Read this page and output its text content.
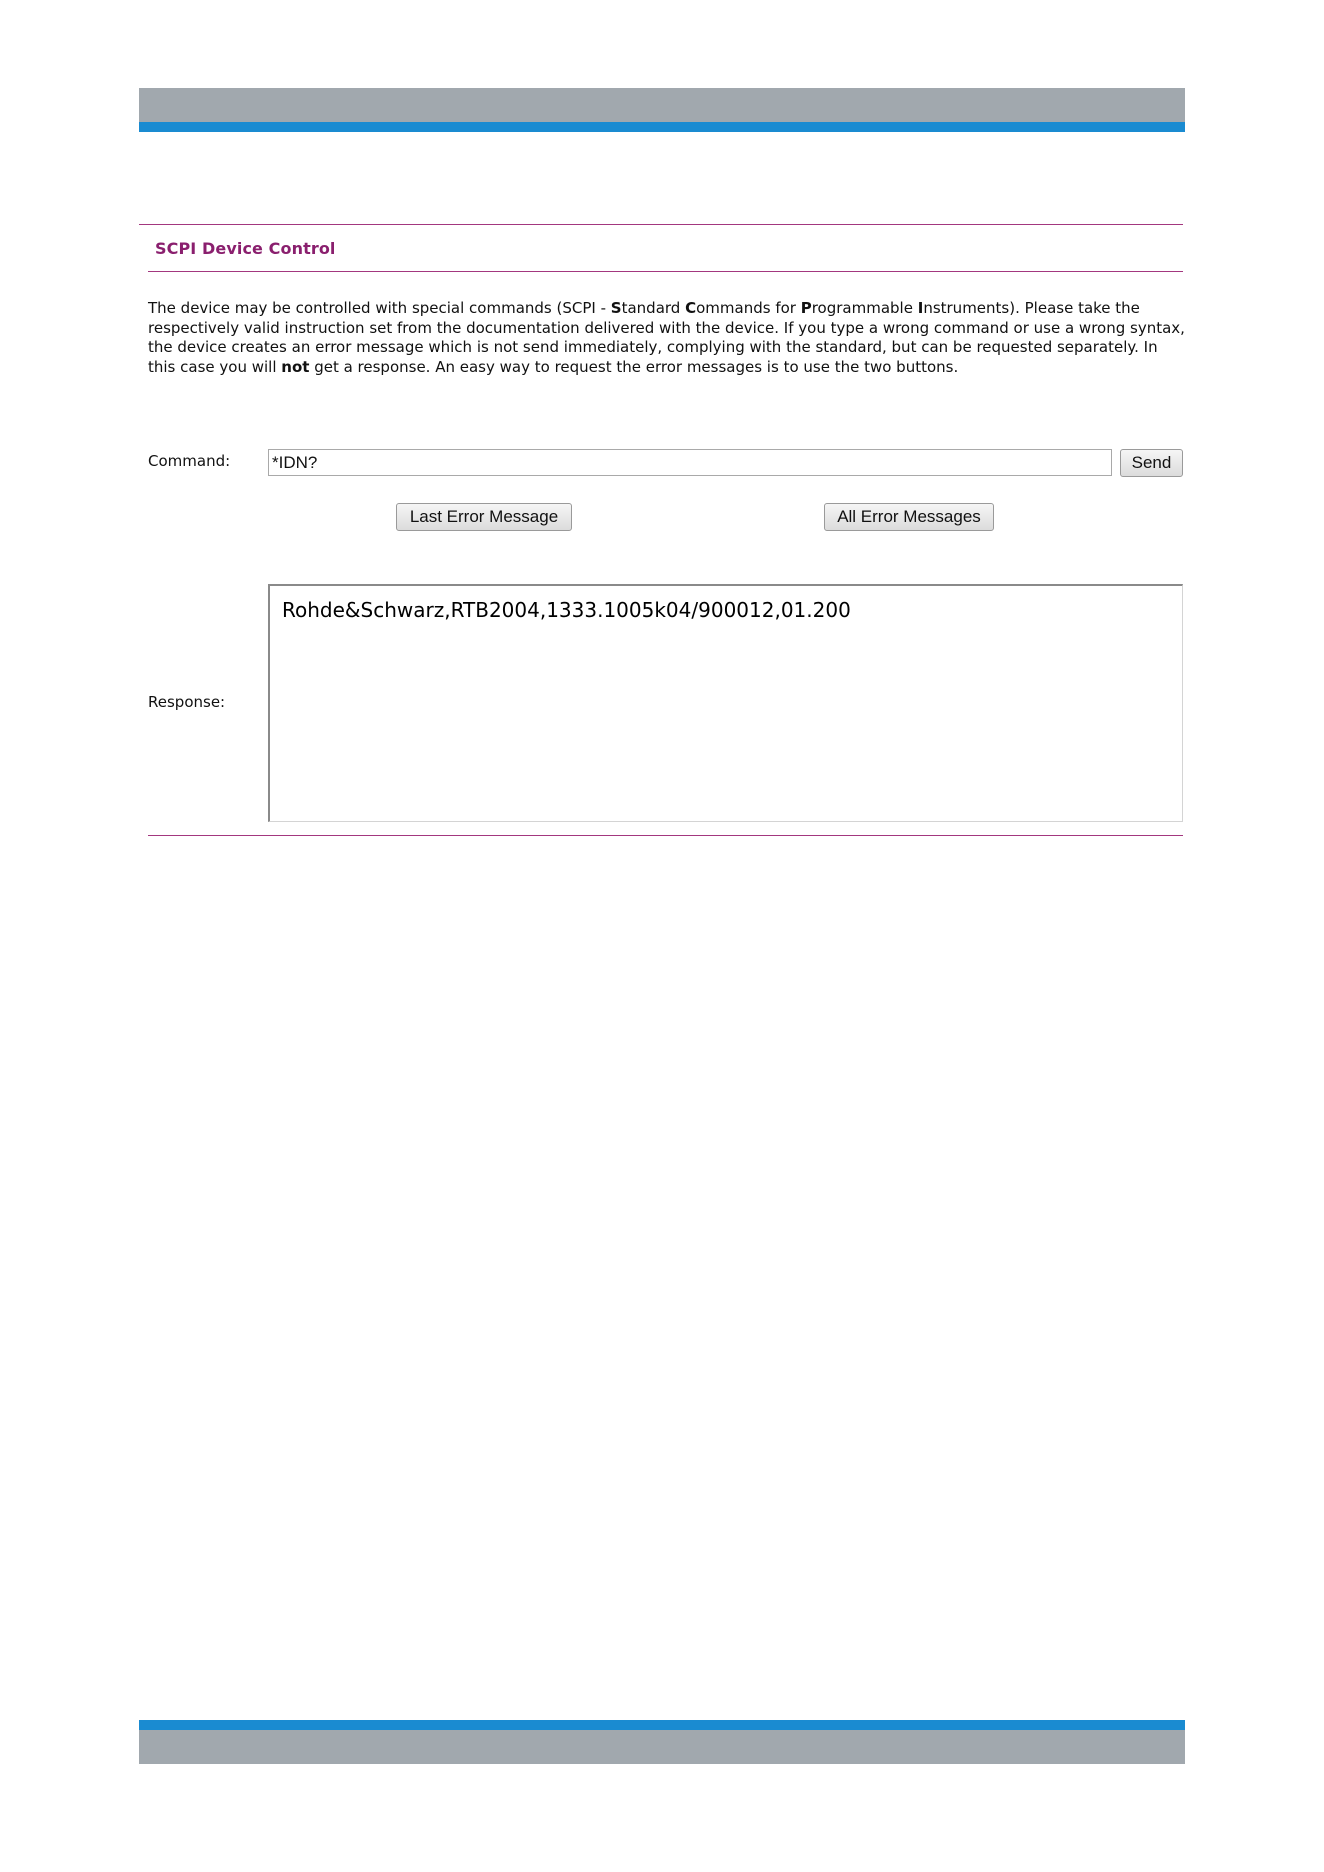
SCPI Device Control
The device may be controlled with special commands (SCPI - Standard Commands for Programmable Instruments). Please take the respectively valid instruction set from the documentation delivered with the device. If you type a wrong command or use a wrong syntax, the device creates an error message which is not send immediately, complying with the standard, but can be requested separately. In this case you will not get a response. An easy way to request the error messages is to use the two buttons.
Command:
*IDN?	Send
Last Error Message	All Error Messages
Response:
Rohde&Schwarz,RTB2004,1333.1005k04/900012,01.200
